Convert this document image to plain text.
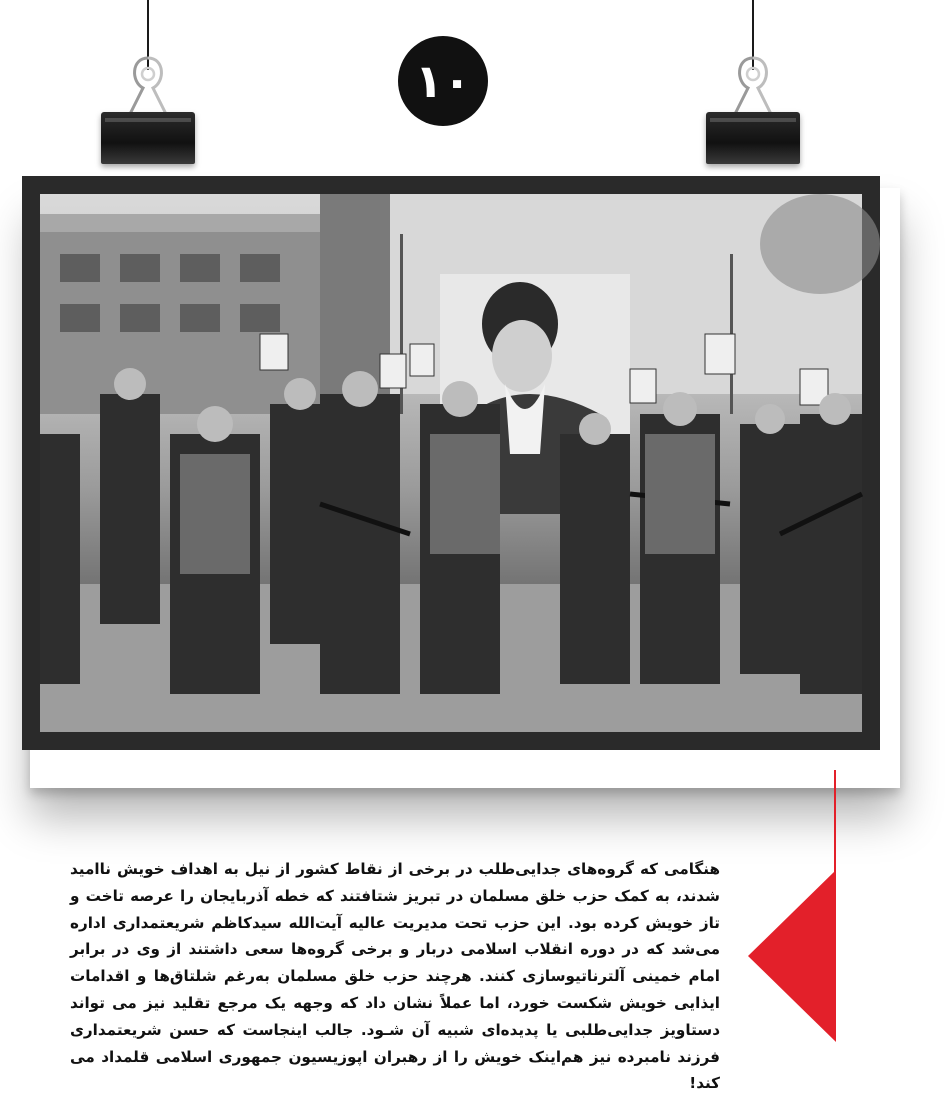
۱۰
هنگامی که گروه‌های جدایی‌طلب در برخی از نقاط کشور از نیل به اهداف خویش ناامید شدند، به کمک حزب خلق مسلمان در تبریز شتافتند که خطه آذربایجان را عرصه تاخت و تاز خویش کرده بود. این حزب تحت مدیریت عالیه آیت‌الله سیدکاظم شریعتمداری اداره می‌شد که در دوره انقلاب اسلامی دربار و برخی گروه‌ها سعی داشتند از وی در برابر امام خمینی آلترناتیوسازی کنند. هرچند حزب خلق مسلمان به‌رغم شلتاق‌ها و اقدامات ایذایی خویش شکست خورد، اما عملاً نشان داد که وجهه یک مرجع تقلید نیز می تواند دستاویز جدایی‌طلبی یا پدیده‌ای شبیه آن شـود. جالب اینجاست که حسن شریعتمداری فرزند نامبرده نیز هم‌اینک خویش را از رهبران اپوزیسیون جمهوری اسلامی قلمداد می کند!
